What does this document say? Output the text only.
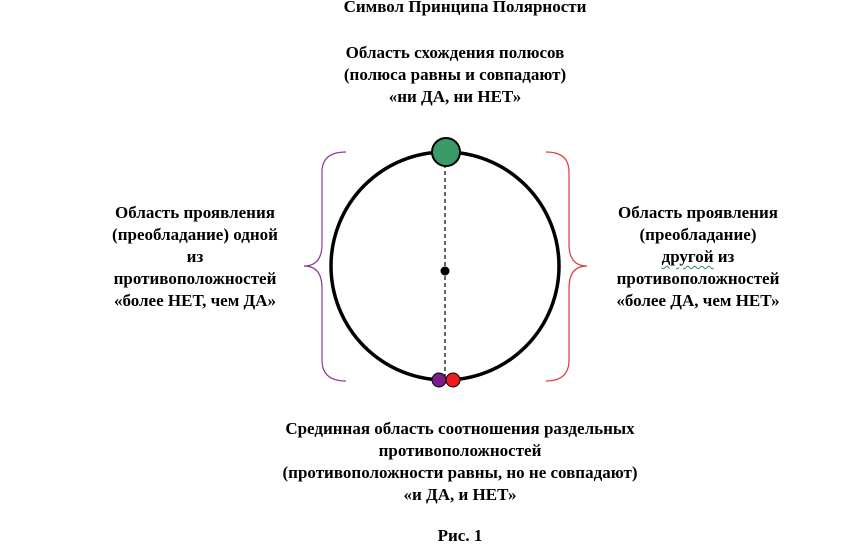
Символ Принципа Полярности
Область схождения полюсов
(полюса равны и совпадают)
«ни ДА, ни НЕТ»
Область проявления
(преобладание) одной
из
противоположностей
«более НЕТ, чем ДА»
Область проявления
(преобладание)
другой из
противоположностей
«более ДА, чем НЕТ»
Срединная область соотношения раздельных
противоположностей
(противоположности равны, но не совпадают)
«и ДА, и НЕТ»
Рис. 1
